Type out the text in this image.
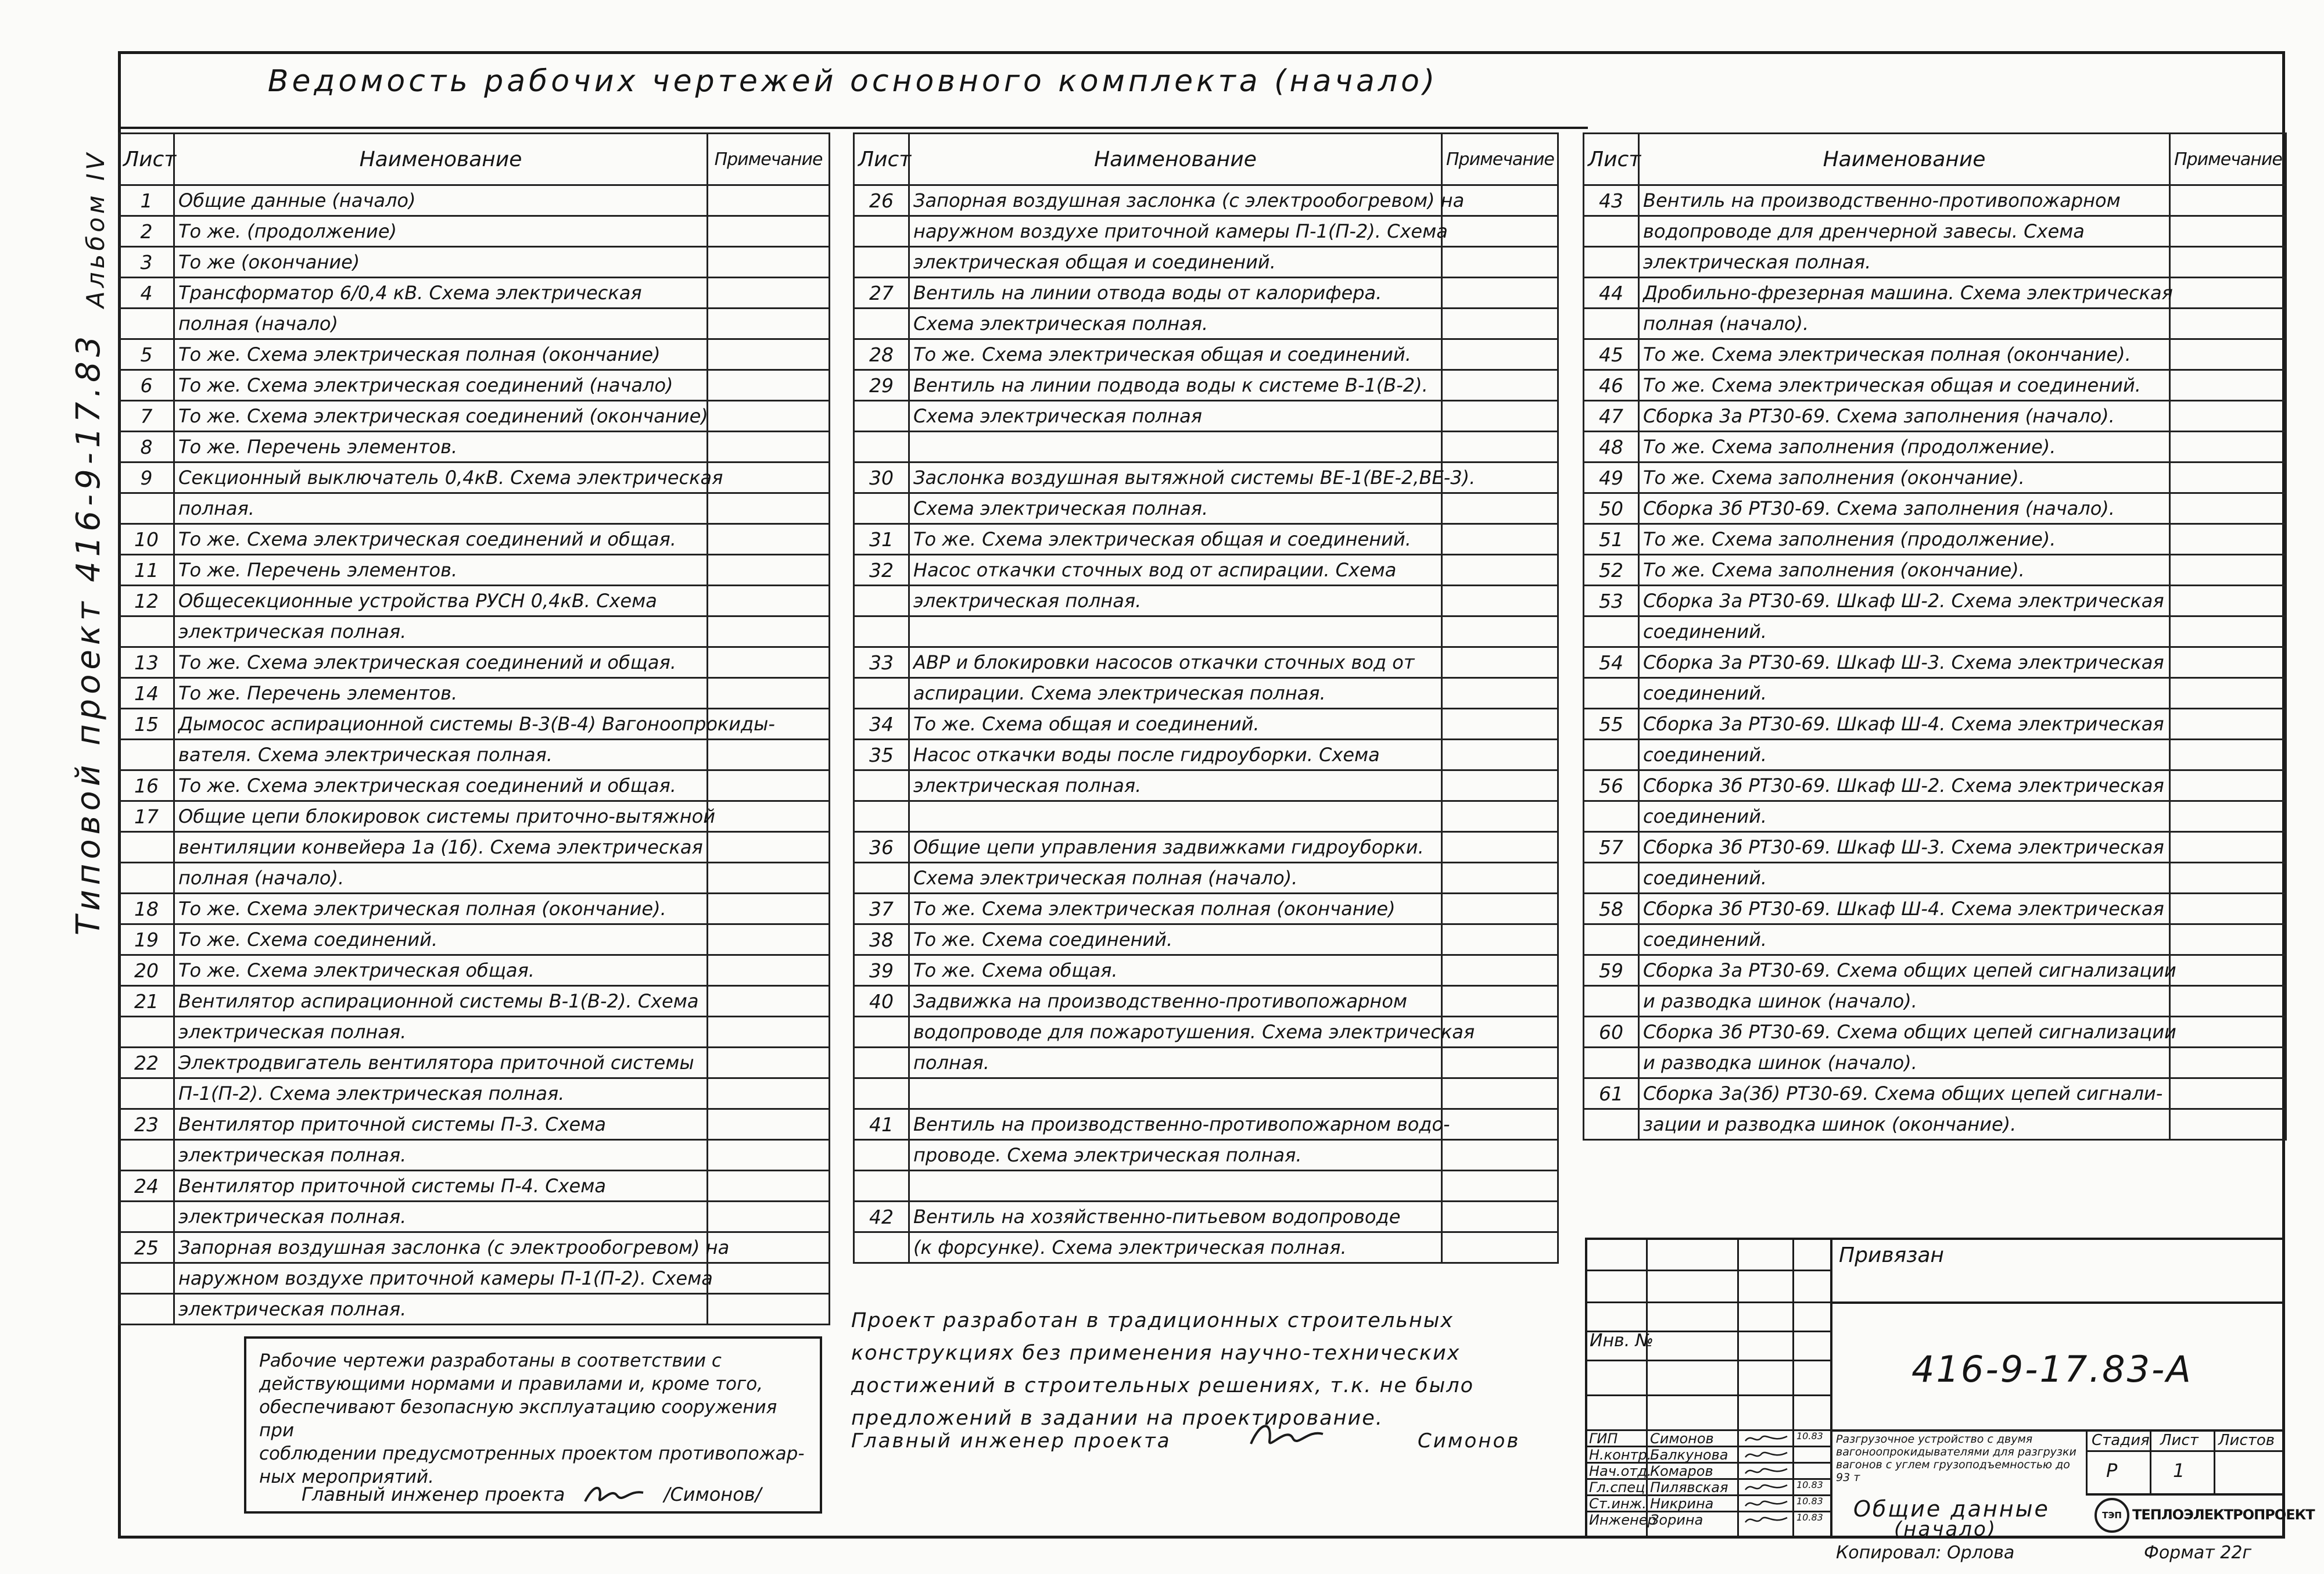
Альбом IV
Типовой проект 416-9-17.83
Ведомость рабочих чертежей основного комплекта (начало)
Лист	Наименование	Примечание
1	Общие данные (начало)	
2	То же. (продолжение)	
3	То же (окончание)	
4	Трансформатор 6/0,4 кВ. Схема электрическая	
	полная (начало)	
5	То же. Схема электрическая полная (окончание)	
6	То же. Схема электрическая соединений (начало)	
7	То же. Схема электрическая соединений (окончание)	
8	То же. Перечень элементов.	
9	Секционный выключатель 0,4кВ. Схема электрическая	
	полная.	
10	То же. Схема электрическая соединений и общая.	
11	То же. Перечень элементов.	
12	Общесекционные устройства РУСН 0,4кВ. Схема	
	электрическая полная.	
13	То же. Схема электрическая соединений и общая.	
14	То же. Перечень элементов.	
15	Дымосос аспирационной системы В-3(В-4) Вагоноопрокиды-	
	вателя. Схема электрическая полная.	
16	То же. Схема электрическая соединений и общая.	
17	Общие цепи блокировок системы приточно-вытяжной	
	вентиляции конвейера 1а (1б). Схема электрическая	
	полная (начало).	
18	То же. Схема электрическая полная (окончание).	
19	То же. Схема соединений.	
20	То же. Схема электрическая общая.	
21	Вентилятор аспирационной системы В-1(В-2). Схема	
	электрическая полная.	
22	Электродвигатель вентилятора приточной системы	
	П-1(П-2). Схема электрическая полная.	
23	Вентилятор приточной системы П-3. Схема	
	электрическая полная.	
24	Вентилятор приточной системы П-4. Схема	
	электрическая полная.	
25	Запорная воздушная заслонка (с электрообогревом) на	
	наружном воздухе приточной камеры П-1(П-2). Схема	
	электрическая полная.	
Лист	Наименование	Примечание
26	Запорная воздушная заслонка (с электрообогревом) на	
	наружном воздухе приточной камеры П-1(П-2). Схема	
	электрическая общая и соединений.	
27	Вентиль на линии отвода воды от калорифера.	
	Схема электрическая полная.	
28	То же. Схема электрическая общая и соединений.	
29	Вентиль на линии подвода воды к системе В-1(В-2).	
	Схема электрическая полная	

30	Заслонка воздушная вытяжной системы ВЕ-1(ВЕ-2,ВЕ-3).	
	Схема электрическая полная.	
31	То же. Схема электрическая общая и соединений.	
32	Насос откачки сточных вод от аспирации. Схема	
	электрическая полная.	

33	АВР и блокировки насосов откачки сточных вод от	
	аспирации. Схема электрическая полная.	
34	То же. Схема общая и соединений.	
35	Насос откачки воды после гидроуборки. Схема	
	электрическая полная.	

36	Общие цепи управления задвижками гидроуборки.	
	Схема электрическая полная (начало).	
37	То же. Схема электрическая полная (окончание)	
38	То же. Схема соединений.	
39	То же. Схема общая.	
40	Задвижка на производственно-противопожарном	
	водопроводе для пожаротушения. Схема электрическая	
	полная.	

41	Вентиль на производственно-противопожарном водо-	
	проводе. Схема электрическая полная.	

42	Вентиль на хозяйственно-питьевом водопроводе	
	(к форсунке). Схема электрическая полная.	
Лист	Наименование	Примечание
43	Вентиль на производственно-противопожарном	
	водопроводе для дренчерной завесы. Схема	
	электрическая полная.	
44	Дробильно-фрезерная машина. Схема электрическая	
	полная (начало).	
45	То же. Схема электрическая полная (окончание).	
46	То же. Схема электрическая общая и соединений.	
47	Сборка 3а РТ30-69. Схема заполнения (начало).	
48	То же. Схема заполнения (продолжение).	
49	То же. Схема заполнения (окончание).	
50	Сборка 3б РТ30-69. Схема заполнения (начало).	
51	То же. Схема заполнения (продолжение).	
52	То же. Схема заполнения (окончание).	
53	Сборка 3а РТ30-69. Шкаф Ш-2. Схема электрическая	
	соединений.	
54	Сборка 3а РТ30-69. Шкаф Ш-3. Схема электрическая	
	соединений.	
55	Сборка 3а РТ30-69. Шкаф Ш-4. Схема электрическая	
	соединений.	
56	Сборка 3б РТ30-69. Шкаф Ш-2. Схема электрическая	
	соединений.	
57	Сборка 3б РТ30-69. Шкаф Ш-3. Схема электрическая	
	соединений.	
58	Сборка 3б РТ30-69. Шкаф Ш-4. Схема электрическая	
	соединений.	
59	Сборка 3а РТ30-69. Схема общих цепей сигнализации	
	и разводка шинок (начало).	
60	Сборка 3б РТ30-69. Схема общих цепей сигнализации	
	и разводка шинок (начало).	
61	Сборка 3а(3б) РТ30-69. Схема общих цепей сигнали-	
	зации и разводка шинок (окончание).	
Рабочие чертежи разработаны в соответствии с
действующими нормами и правилами и, кроме того,
обеспечивают безопасную эксплуатацию сооружения при
соблюдении предусмотренных проектом противопожар-
ных мероприятий.
Главный инженер проекта	/Симонов/
Проект разработан в традиционных строительных
конструкциях без применения научно-технических
достижений в строительных решениях, т.к. не было
предложений в задании на проектирование.
Главный инженер проекта	Симонов
Привязан
Инв. №
416-9-17.83-А
ГИП Симонов	10.83
Н.контр.
Балкунова
Нач.отд.
Комаров
Гл.спец. Пилявская	10.83
Ст.инж. Никрина	10.83
Инженер
Зорина	10.83
Разгрузочное устройство с двумя вагоноопрокидывателями для разгрузки вагонов с углем грузоподъемностью до 93 т
Стадия Лист Листов
Р	1
Общие данные
(начало)
ТЭП ТЕПЛОЭЛЕКТРОПРОЕКТ
Копировал: Орлова	Формат 22г
